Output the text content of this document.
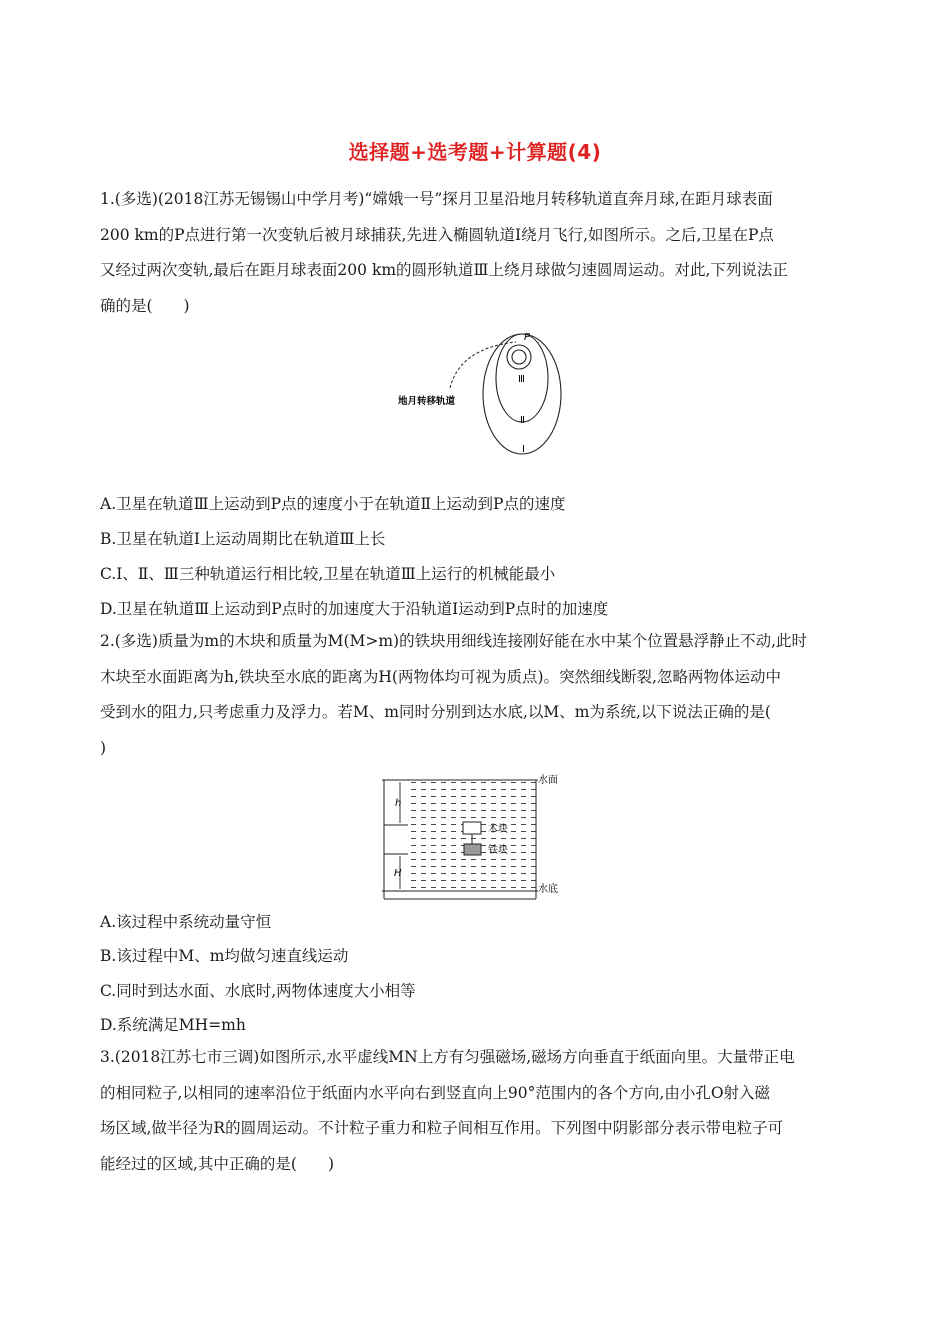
选择题+选考题+计算题(4)
1.(多选)(2018江苏无锡锡山中学月考)“嫦娥一号”探月卫星沿地月转移轨道直奔月球,在距月球表面
200 km的P点进行第一次变轨后被月球捕获,先进入椭圆轨道Ⅰ绕月飞行,如图所示。之后,卫星在P点
又经过两次变轨,最后在距月球表面200 km的圆形轨道Ⅲ上绕月球做匀速圆周运动。对此,下列说法正
确的是(　　)
P
Ⅲ
Ⅱ
Ⅰ
地月转移轨道
A.卫星在轨道Ⅲ上运动到P点的速度小于在轨道Ⅱ上运动到P点的速度
B.卫星在轨道Ⅰ上运动周期比在轨道Ⅲ上长
C.Ⅰ、Ⅱ、Ⅲ三种轨道运行相比较,卫星在轨道Ⅲ上运行的机械能最小
D.卫星在轨道Ⅲ上运动到P点时的加速度大于沿轨道Ⅰ运动到P点时的加速度
2.(多选)质量为m的木块和质量为M(M>m)的铁块用细线连接刚好能在水中某个位置悬浮静止不动,此时
木块至水面距离为h,铁块至水底的距离为H(两物体均可视为质点)。突然细线断裂,忽略两物体运动中
受到水的阻力,只考虑重力及浮力。若M、m同时分别到达水底,以M、m为系统,以下说法正确的是(
)
h
H
木块
铁块
水面
水底
A.该过程中系统动量守恒
B.该过程中M、m均做匀速直线运动
C.同时到达水面、水底时,两物体速度大小相等
D.系统满足MH=mh
3.(2018江苏七市三调)如图所示,水平虚线MN上方有匀强磁场,磁场方向垂直于纸面向里。大量带正电
的相同粒子,以相同的速率沿位于纸面内水平向右到竖直向上90°范围内的各个方向,由小孔O射入磁
场区域,做半径为R的圆周运动。不计粒子重力和粒子间相互作用。下列图中阴影部分表示带电粒子可
能经过的区域,其中正确的是(　　)
